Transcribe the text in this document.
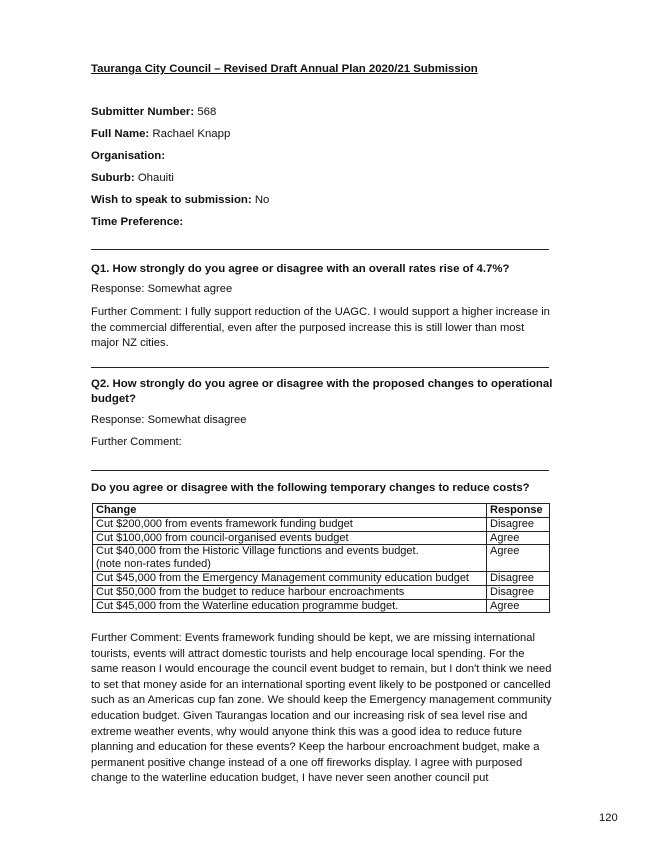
Tauranga City Council – Revised Draft Annual Plan 2020/21 Submission
Submitter Number: 568
Full Name: Rachael Knapp
Organisation:
Suburb: Ohauiti
Wish to speak to submission: No
Time Preference:
Q1. How strongly do you agree or disagree with an overall rates rise of 4.7%?
Response: Somewhat agree
Further Comment: I fully support reduction of the UAGC. I would support a higher increase in the commercial differential, even after the purposed increase this is still lower than most major NZ cities.
Q2. How strongly do you agree or disagree with the proposed changes to operational budget?
Response: Somewhat disagree
Further Comment:
Do you agree or disagree with the following temporary changes to reduce costs?
Change	Response
Cut $200,000 from events framework funding budget	Disagree
Cut $100,000 from council-organised events budget	Agree
Cut $40,000 from the Historic Village functions and events budget.
(note non-rates funded)	Agree
Cut $45,000 from the Emergency Management community education budget	Disagree
Cut $50,000 from the budget to reduce harbour encroachments	Disagree
Cut $45,000 from the Waterline education programme budget.	Agree
Further Comment: Events framework funding should be kept, we are missing international tourists, events will attract domestic tourists and help encourage local spending. For the same reason I would encourage the council event budget to remain, but I don't think we need to set that money aside for an international sporting event likely to be postponed or cancelled such as an Americas cup fan zone. We should keep the Emergency management community education budget. Given Taurangas location and our increasing risk of sea level rise and extreme weather events, why would anyone think this was a good idea to reduce future planning and education for these events? Keep the harbour encroachment budget, make a permanent positive change instead of a one off fireworks display. I agree with purposed change to the waterline education budget, I have never seen another council put
120
